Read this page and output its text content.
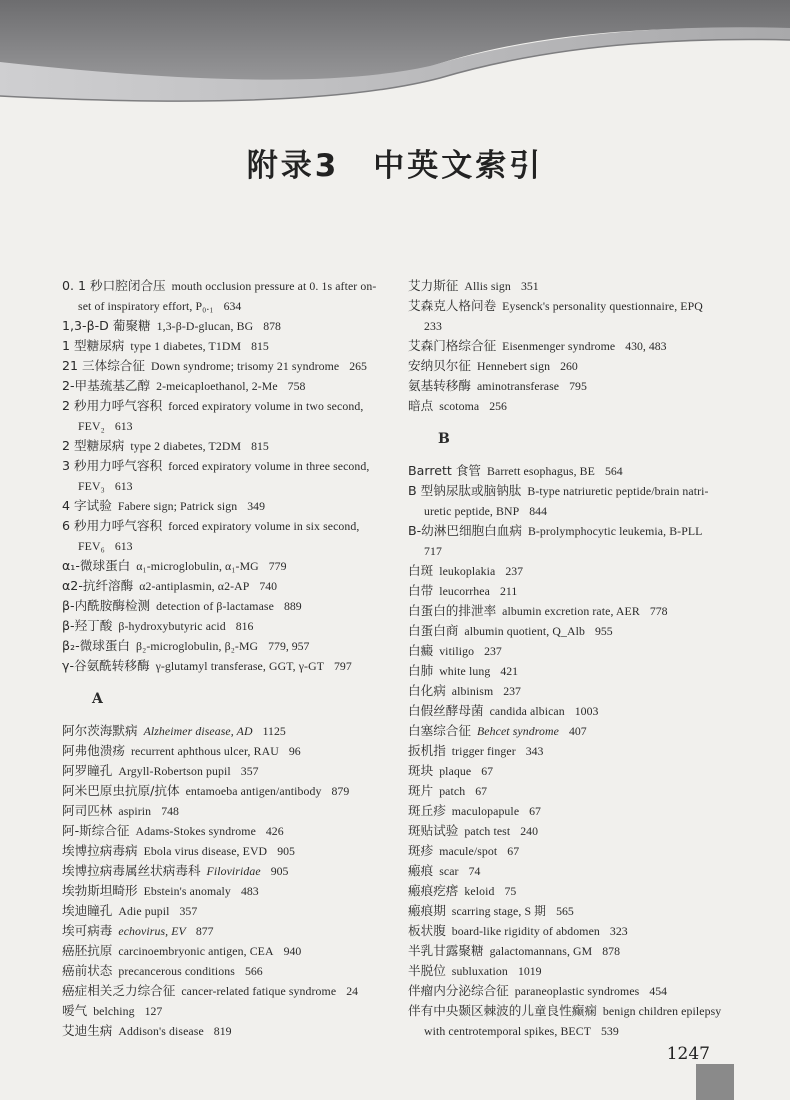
附录3　中英文索引
0. 1 秒口腔闭合压 mouth occlusion pressure at 0. 1s after on-
set of inspiratory effort, P₀.₁ 634
1,3-β-D 葡聚糖 1,3-β-D-glucan, BG 878
1 型糖尿病 type 1 diabetes, T1DM 815
21 三体综合征 Down syndrome; trisomy 21 syndrome 265
2-甲基巯基乙醇 2-meicaploethanol, 2-Me 758
2 秒用力呼气容积 forced expiratory volume in two second,
FEV₂ 613
2 型糖尿病 type 2 diabetes, T2DM 815
3 秒用力呼气容积 forced expiratory volume in three second,
FEV₃ 613
4 字试验 Fabere sign; Patrick sign 349
6 秒用力呼气容积 forced expiratory volume in six second,
FEV₆ 613
α₁-微球蛋白 α₁-microglobulin, α₁-MG 779
α2-抗纤溶酶 α2-antiplasmin, α2-AP 740
β-内酰胺酶检测 detection of β-lactamase 889
β-羟丁酸 β-hydroxybutyric acid 816
β₂-微球蛋白 β₂-microglobulin, β₂-MG 779, 957
γ-谷氨酰转移酶 γ-glutamyl transferase, GGT, γ-GT 797
A
阿尔茨海默病 Alzheimer disease, AD 1125
阿弗他溃疡 recurrent aphthous ulcer, RAU 96
阿罗瞳孔 Argyll-Robertson pupil 357
阿米巴原虫抗原/抗体 entamoeba antigen/antibody 879
阿司匹林 aspirin 748
阿-斯综合征 Adams-Stokes syndrome 426
埃博拉病毒病 Ebola virus disease, EVD 905
埃博拉病毒属丝状病毒科 Filoviridae 905
埃勃斯坦畸形 Ebstein's anomaly 483
埃迪瞳孔 Adie pupil 357
埃可病毒 echovirus, EV 877
癌胚抗原 carcinoembryonic antigen, CEA 940
癌前状态 precancerous conditions 566
癌症相关乏力综合征 cancer-related fatique syndrome 24
嗳气 belching 127
艾迪生病 Addison's disease 819
艾力斯征 Allis sign 351
艾森克人格问卷 Eysenck's personality questionnaire, EPQ
233
艾森门格综合征 Eisenmenger syndrome 430, 483
安纳贝尔征 Hennebert sign 260
氨基转移酶 aminotransferase 795
暗点 scotoma 256
B
Barrett 食管 Barrett esophagus, BE 564
B 型钠尿肽或脑钠肽 B-type natriuretic peptide/brain natri-
uretic peptide, BNP 844
B-幼淋巴细胞白血病 B-prolymphocytic leukemia, B-PLL
717
白斑 leukoplakia 237
白带 leucorrhea 211
白蛋白的排泄率 albumin excretion rate, AER 778
白蛋白商 albumin quotient, Q_Alb 955
白癜 vitiligo 237
白肺 white lung 421
白化病 albinism 237
白假丝酵母菌 candida albican 1003
白塞综合征 Behcet syndrome 407
扳机指 trigger finger 343
斑块 plaque 67
斑片 patch 67
斑丘疹 maculopapule 67
斑贴试验 patch test 240
斑疹 macule/spot 67
瘢痕 scar 74
瘢痕疙瘩 keloid 75
瘢痕期 scarring stage, S 期 565
板状腹 board-like rigidity of abdomen 323
半乳甘露聚糖 galactomannans, GM 878
半脱位 subluxation 1019
伴瘤内分泌综合征 paraneoplastic syndromes 454
伴有中央颞区棘波的儿童良性癫痫 benign children epilepsy
with centrotemporal spikes, BECT 539
1247
